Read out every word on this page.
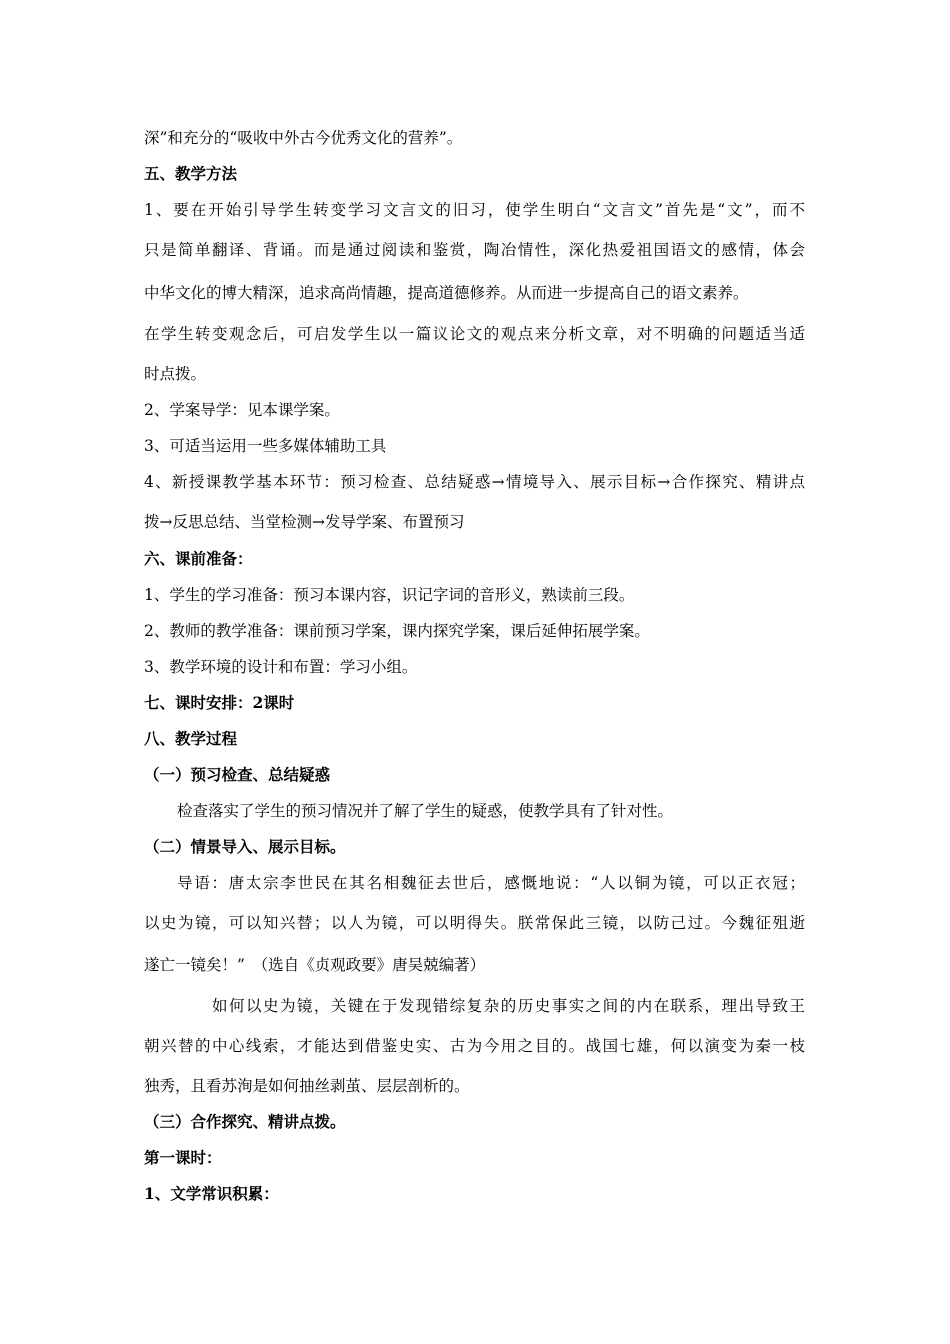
深”和充分的“吸收中外古今优秀文化的营养”。
五、教学方法
1、要在开始引导学生转变学习文言文的旧习，使学生明白“文言文”首先是“文”，而不
只是简单翻译、背诵。而是通过阅读和鉴赏，陶冶情性，深化热爱祖国语文的感情，体会
中华文化的博大精深，追求高尚情趣，提高道德修养。从而进一步提高自己的语文素养。
在学生转变观念后，可启发学生以一篇议论文的观点来分析文章，对不明确的问题适当适
时点拨。
2、学案导学：见本课学案。
3、可适当运用一些多媒体辅助工具
4、新授课教学基本环节：预习检查、总结疑惑→情境导入、展示目标→合作探究、精讲点
拨→反思总结、当堂检测→发导学案、布置预习
六、课前准备：
1、学生的学习准备：预习本课内容，识记字词的音形义，熟读前三段。
2、教师的教学准备：课前预习学案，课内探究学案，课后延伸拓展学案。
3、教学环境的设计和布置：学习小组。
七、课时安排：2课时
八、教学过程
（一）预习检查、总结疑惑
检查落实了学生的预习情况并了解了学生的疑惑，使教学具有了针对性。
（二）情景导入、展示目标。
导语：唐太宗李世民在其名相魏征去世后，感慨地说：“人以铜为镜，可以正衣冠；
以史为镜，可以知兴替；以人为镜，可以明得失。朕常保此三镜，以防己过。今魏征殂逝
遂亡一镜矣！”　（选自《贞观政要》唐吴兢编著）
如何以史为镜，关键在于发现错综复杂的历史事实之间的内在联系，理出导致王
朝兴替的中心线索，才能达到借鉴史实、古为今用之目的。战国七雄，何以演变为秦一枝
独秀，且看苏洵是如何抽丝剥茧、层层剖析的。
（三）合作探究、精讲点拨。
第一课时：
1、文学常识积累：
